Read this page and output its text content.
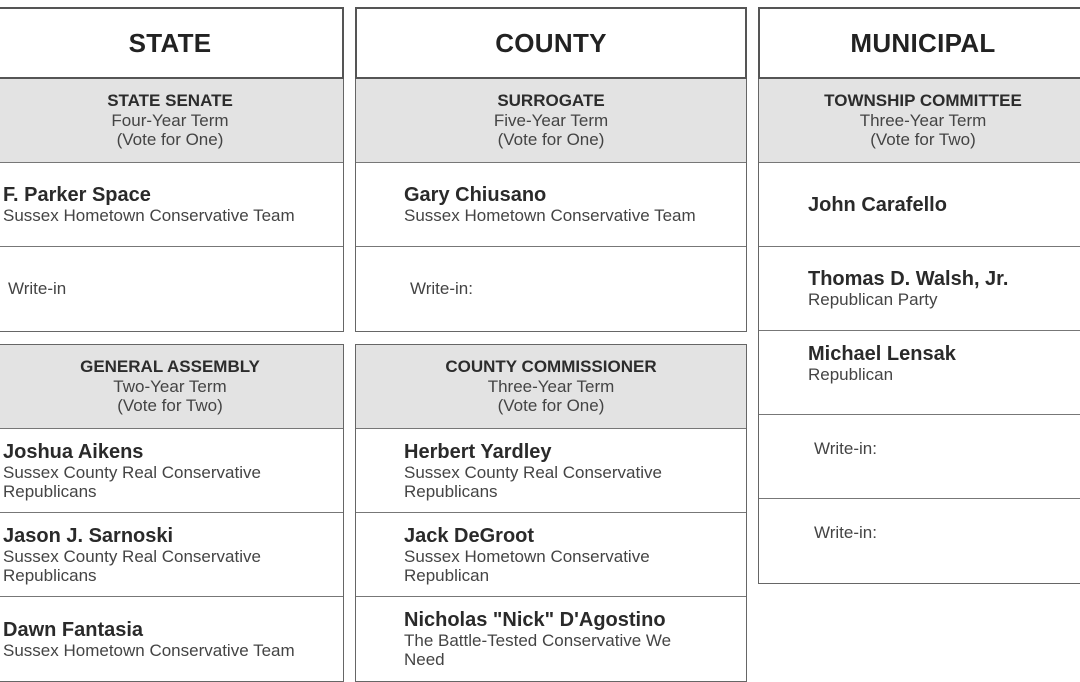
STATE
STATE SENATE
Four-Year Term
(Vote for One)
F. Parker Space
Sussex Hometown Conservative Team
Write-in
GENERAL ASSEMBLY
Two-Year Term
(Vote for Two)
Joshua Aikens
Sussex County Real Conservative
Republicans
Jason J. Sarnoski
Sussex County Real Conservative
Republicans
Dawn Fantasia
Sussex Hometown Conservative Team
COUNTY
SURROGATE
Five-Year Term
(Vote for One)
Gary Chiusano
Sussex Hometown Conservative Team
Write-in:
COUNTY COMMISSIONER
Three-Year Term
(Vote for One)
Herbert Yardley
Sussex County Real Conservative
Republicans
Jack DeGroot
Sussex Hometown Conservative
Republican
Nicholas "Nick" D'Agostino
The Battle-Tested Conservative We
Need
MUNICIPAL
TOWNSHIP COMMITTEE
Three-Year Term
(Vote for Two)
John Carafello
Thomas D. Walsh, Jr.
Republican Party
Michael Lensak
Republican
Write-in:
Write-in:
